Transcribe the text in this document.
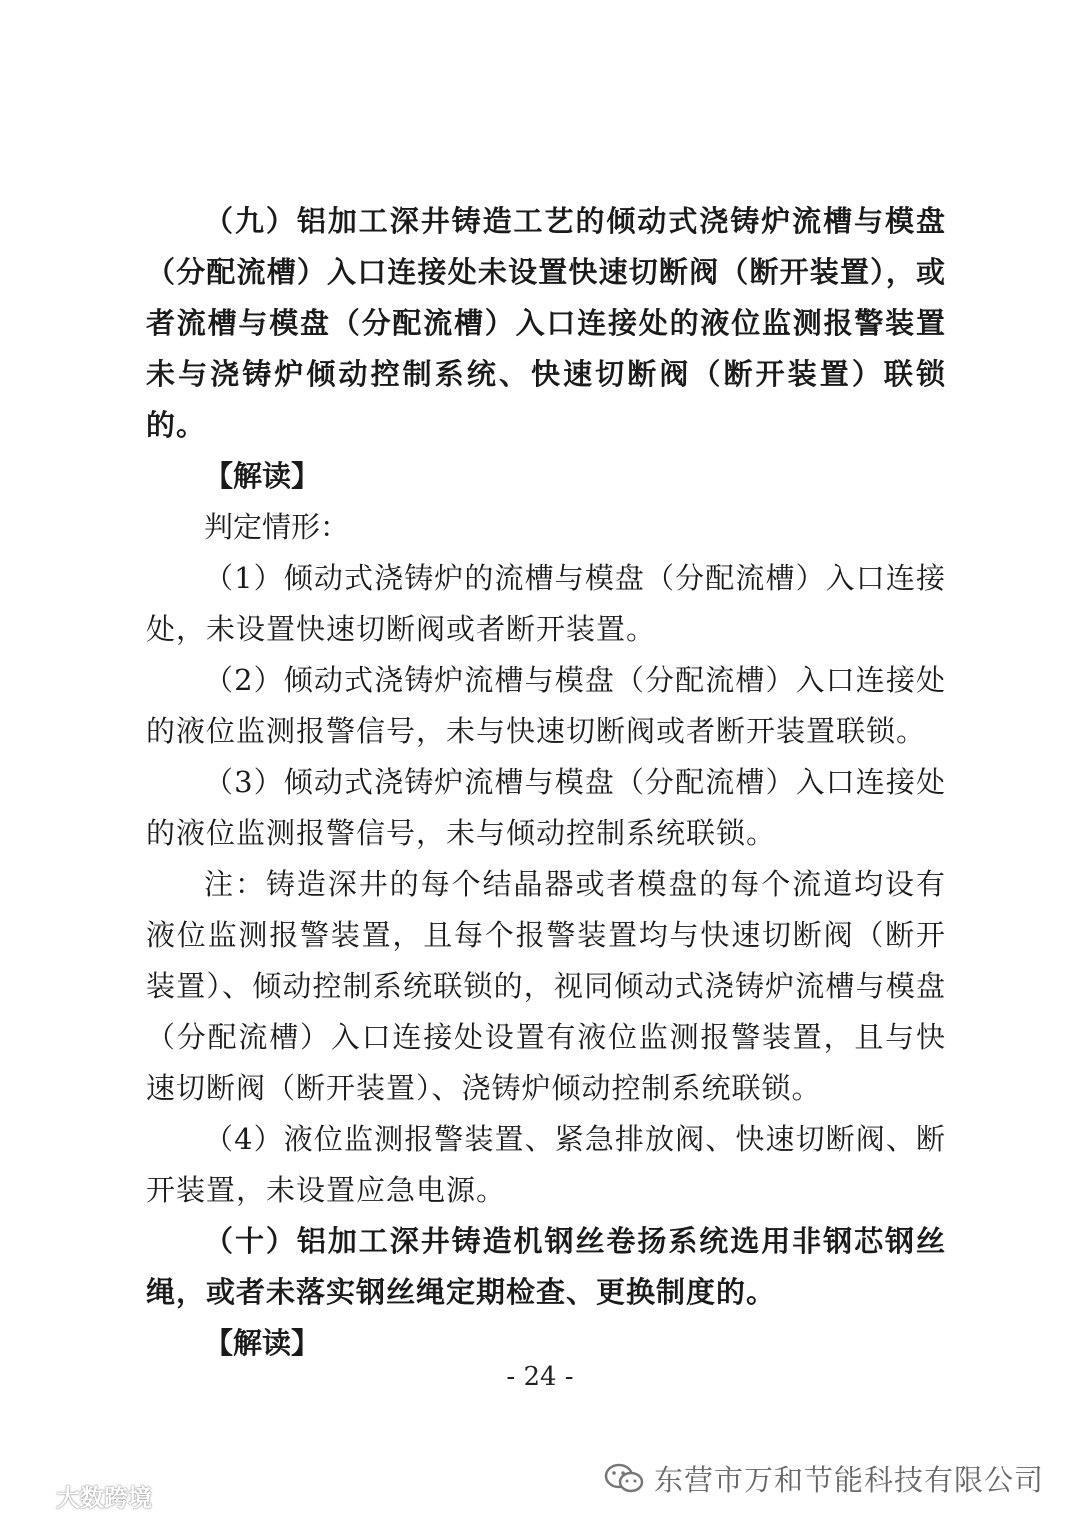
（九）铝加工深井铸造工艺的倾动式浇铸炉流槽与模盘（分配流槽）入口连接处未设置快速切断阀（断开装置），或者流槽与模盘（分配流槽）入口连接处的液位监测报警装置未与浇铸炉倾动控制系统、快速切断阀（断开装置）联锁的。

【解读】

判定情形：

（1）倾动式浇铸炉的流槽与模盘（分配流槽）入口连接处，未设置快速切断阀或者断开装置。

（2）倾动式浇铸炉流槽与模盘（分配流槽）入口连接处的液位监测报警信号，未与快速切断阀或者断开装置联锁。

（3）倾动式浇铸炉流槽与模盘（分配流槽）入口连接处的液位监测报警信号，未与倾动控制系统联锁。

注：铸造深井的每个结晶器或者模盘的每个流道均设有液位监测报警装置，且每个报警装置均与快速切断阀（断开装置）、倾动控制系统联锁的，视同倾动式浇铸炉流槽与模盘（分配流槽）入口连接处设置有液位监测报警装置，且与快速切断阀（断开装置）、浇铸炉倾动控制系统联锁。

（4）液位监测报警装置、紧急排放阀、快速切断阀、断开装置，未设置应急电源。

（十）铝加工深井铸造机钢丝卷扬系统选用非钢芯钢丝绳，或者未落实钢丝绳定期检查、更换制度的。

【解读】

- 24 -
大数跨境
东营市万和节能科技有限公司
